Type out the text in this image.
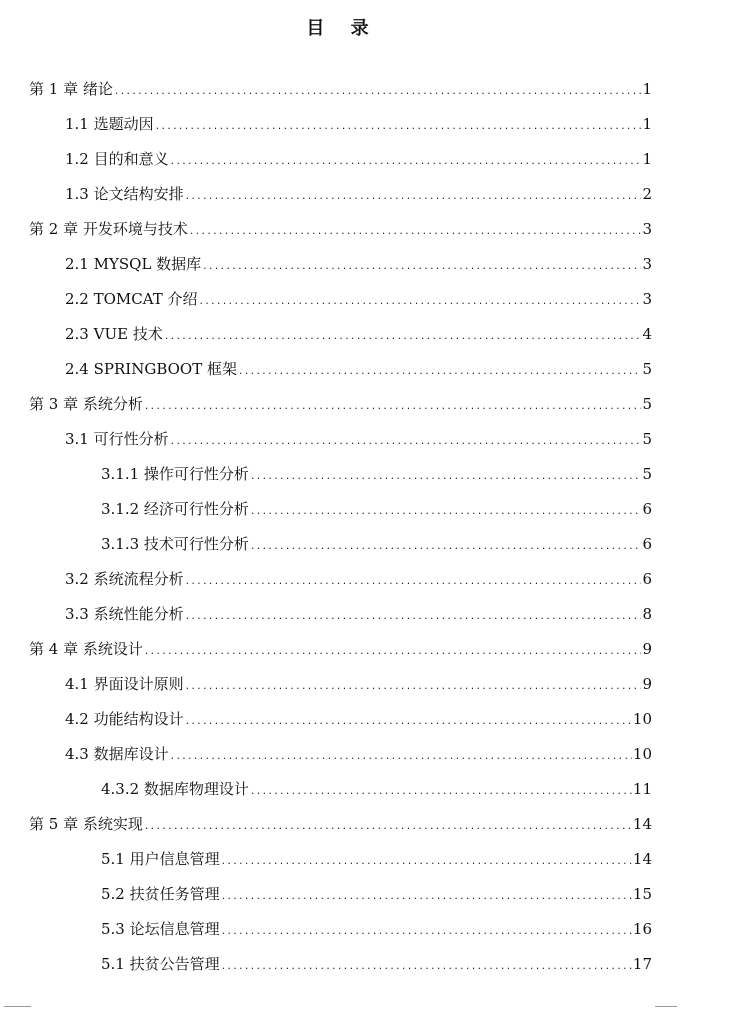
目 录
第 1 章 绪论 .....	1
1.1 选题动因 .....	1
1.2 目的和意义 .....	1
1.3 论文结构安排 .....	2
第 2 章 开发环境与技术 .....	3
2.1 MYSQL 数据库 .....	3
2.2 TOMCAT 介绍 .....	3
2.3 VUE 技术 .....	4
2.4 SPRINGBOOT 框架 .....	5
第 3 章 系统分析 .....	5
3.1 可行性分析 .....	5
3.1.1 操作可行性分析 .....	5
3.1.2 经济可行性分析 .....	6
3.1.3 技术可行性分析 .....	6
3.2 系统流程分析 .....	6
3.3 系统性能分析 .....	8
第 4 章 系统设计 .....	9
4.1 界面设计原则 .....	9
4.2 功能结构设计 .....	10
4.3 数据库设计 .....	10
4.3.2 数据库物理设计 .....	11
第 5 章 系统实现 .....	14
5.1 用户信息管理 .....	14
5.2 扶贫任务管理 .....	15
5.3 论坛信息管理 .....	16
5.1 扶贫公告管理 .....	17
